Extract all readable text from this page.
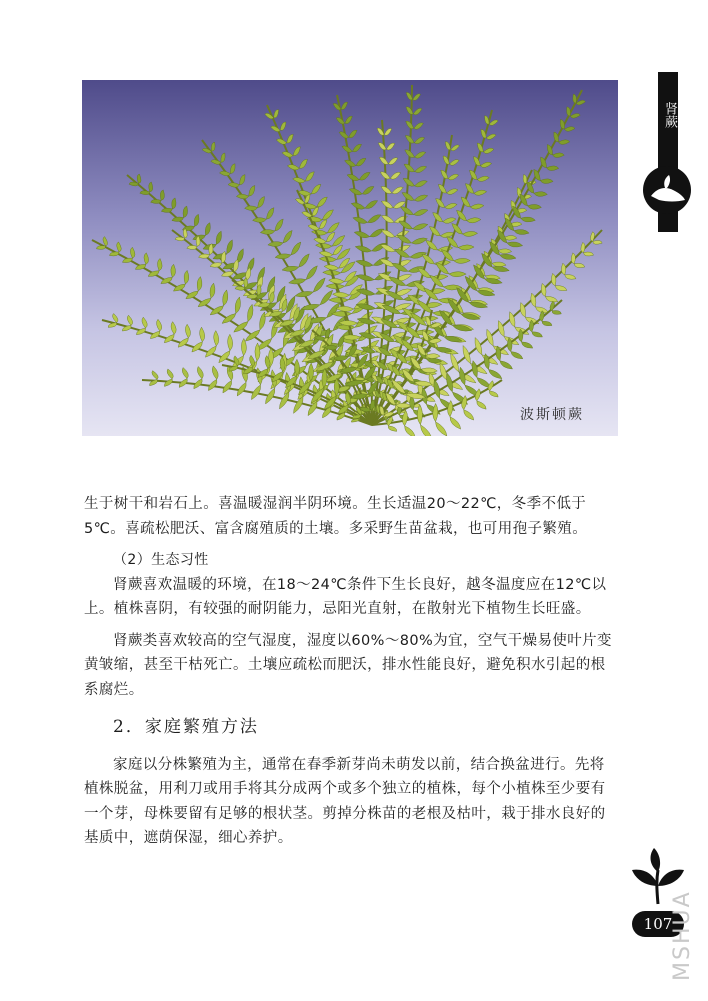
波斯顿蕨
肾蕨

生于树干和岩石上。喜温暖湿润半阴环境。生长适温20～22℃，冬季不低于5℃。喜疏松肥沃、富含腐殖质的土壤。多采野生苗盆栽，也可用孢子繁殖。

（2）生态习性

肾蕨喜欢温暖的环境，在18～24℃条件下生长良好，越冬温度应在12℃以上。植株喜阴，有较强的耐阴能力，忌阳光直射，在散射光下植物生长旺盛。

肾蕨类喜欢较高的空气湿度，湿度以60%～80%为宜，空气干燥易使叶片变黄皱缩，甚至干枯死亡。土壤应疏松而肥沃，排水性能良好，避免积水引起的根系腐烂。

2．家庭繁殖方法

家庭以分株繁殖为主，通常在春季新芽尚未萌发以前，结合换盆进行。先将植株脱盆，用利刀或用手将其分成两个或多个独立的植株，每个小植株至少要有一个芽，母株要留有足够的根状茎。剪掉分株苗的老根及枯叶，栽于排水良好的基质中，遮荫保湿，细心养护。

107
MSHUA
